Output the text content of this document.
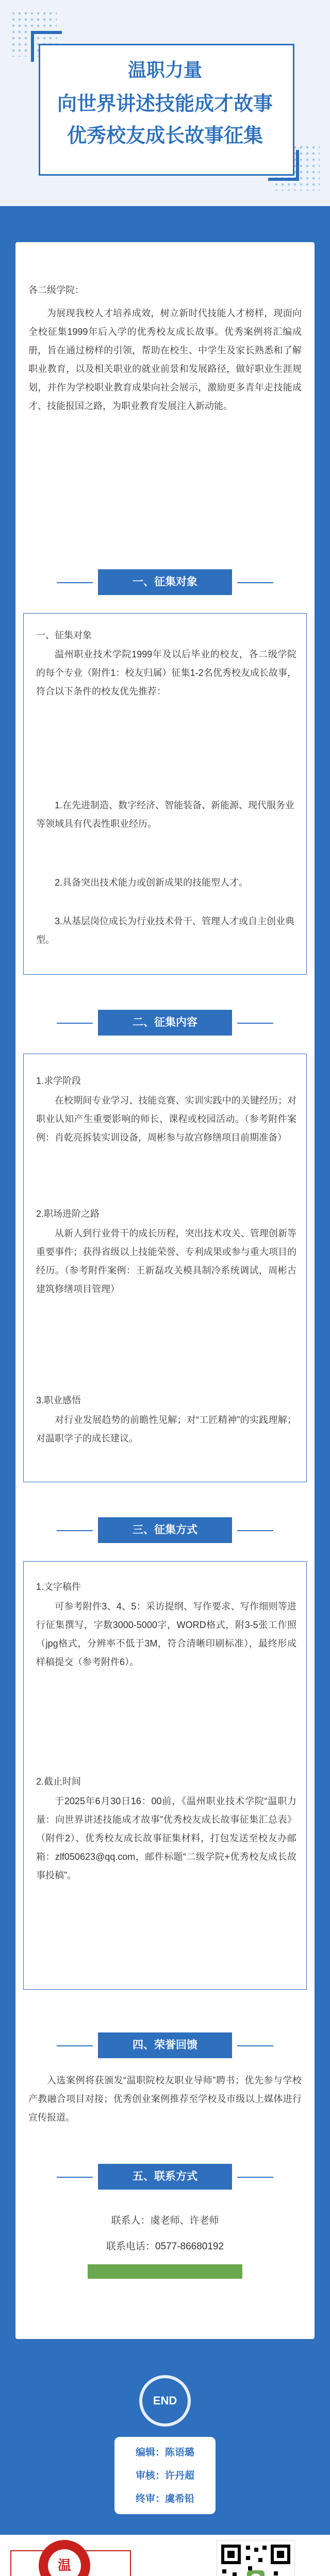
温职力量
向世界讲述技能成才故事
优秀校友成长故事征集

各二级学院：

为展现我校人才培养成效，树立新时代技能人才榜样，现面向全校征集1999年后入学的优秀校友成长故事。优秀案例将汇编成册，旨在通过榜样的引领，帮助在校生、中学生及家长熟悉和了解职业教育，以及相关职业的就业前景和发展路径，做好职业生涯规划，并作为学校职业教育成果向社会展示，激励更多青年走技能成才、技能报国之路，为职业教育发展注入新动能。

一、征集对象

一、征集对象

温州职业技术学院1999年及以后毕业的校友，各二级学院的每个专业（附件1：校友归属）征集1-2名优秀校友成长故事，符合以下条件的校友优先推荐：

1.在先进制造、数字经济、智能装备、新能源、现代服务业等领域具有代表性职业经历。

2.具备突出技术能力或创新成果的技能型人才。

3.从基层岗位成长为行业技术骨干、管理人才或自主创业典型。

二、征集内容

1.求学阶段

在校期间专业学习、技能竞赛、实训实践中的关键经历；对职业认知产生重要影响的师长、课程或校园活动。（参考附件案例：肖乾亮拆装实训设备，周彬参与故宫修缮项目前期准备）

2.职场进阶之路

从新人到行业骨干的成长历程，突出技术攻关、管理创新等重要事件；获得省级以上技能荣誉、专利成果或参与重大项目的经历。（参考附件案例：王新磊攻关模具制冷系统调试，周彬古建筑修缮项目管理）

3.职业感悟

对行业发展趋势的前瞻性见解；对“工匠精神”的实践理解；对温职学子的成长建议。

三、征集方式

1.文字稿件

可参考附件3、4、5：采访提纲、写作要求、写作细则等进行征集撰写，字数3000-5000字，WORD格式，附3-5张工作照（jpg格式，分辨率不低于3M，符合清晰印刷标准），最终形成样稿提交（参考附件6）。

2.截止时间

于2025年6月30日16：00前，《温州职业技术学院“温职力量：向世界讲述技能成才故事”优秀校友成长故事征集汇总表》（附件2）、优秀校友成长故事征集材料，打包发送至校友办邮箱：zlf050623@qq.com，邮件标题“二级学院+优秀校友成长故事投稿”。

四、荣誉回馈

入选案例将获颁发“温职院校友职业导师”聘书；优先参与学校产教融合项目对接；优秀创业案例推荐至学校及市级以上媒体进行宣传报道。

五、联系方式
联系人：虞老师、许老师
联系电话：0577-86680192
END
编辑：陈语璐
审核：许丹超
终审：虞希铅
温
